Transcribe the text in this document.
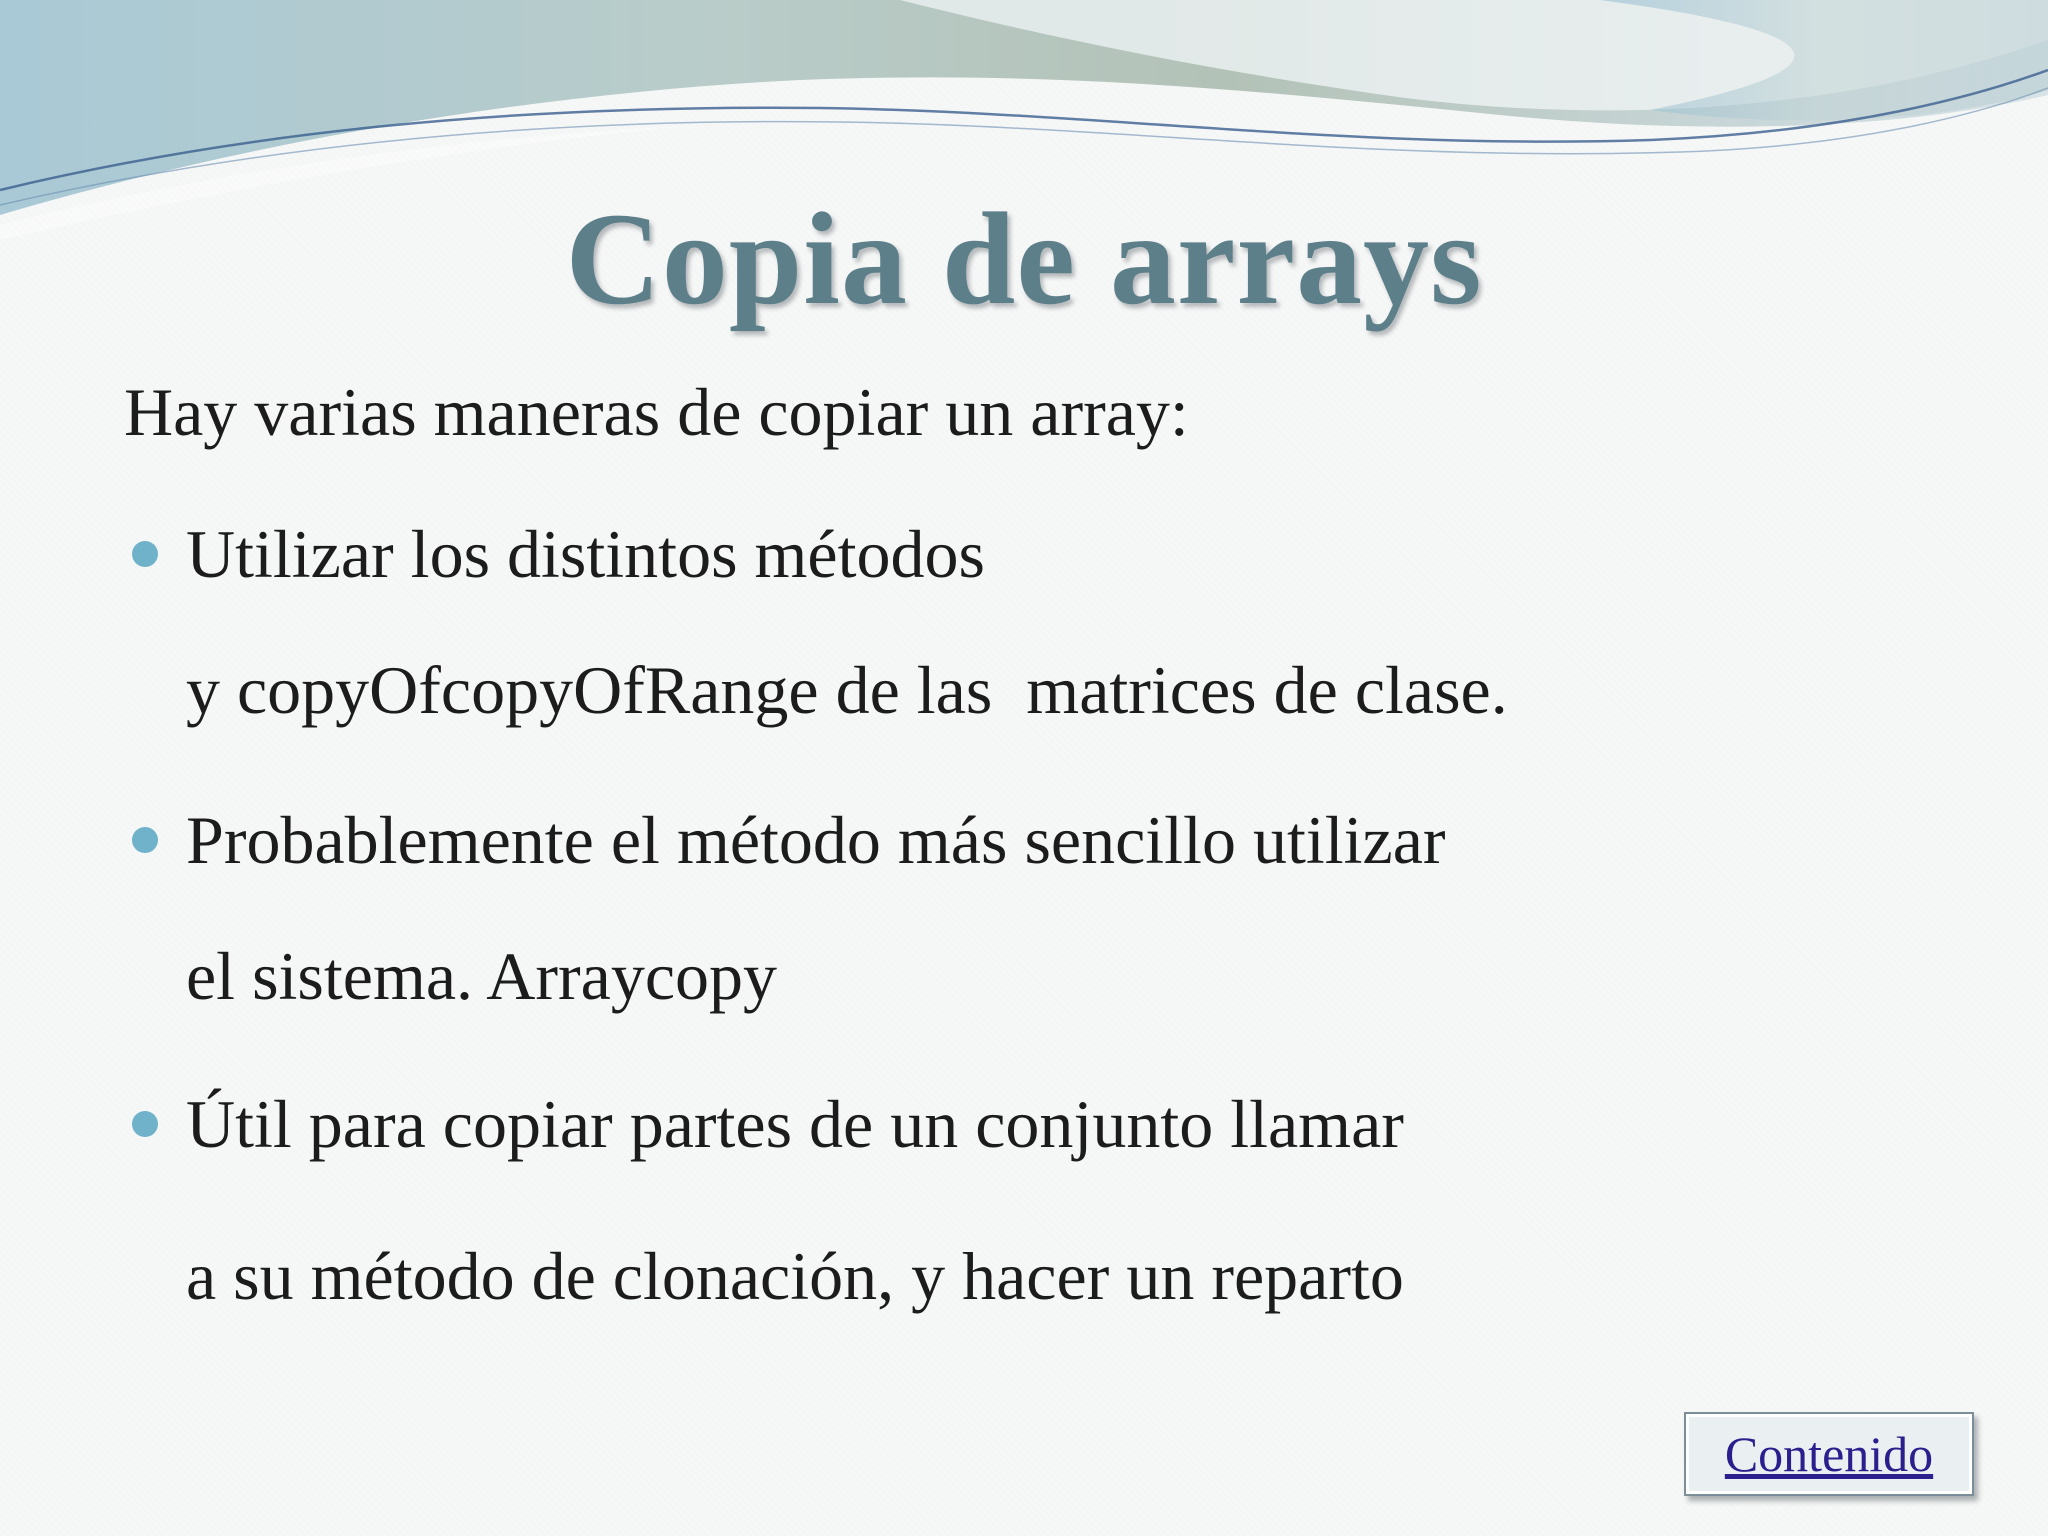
Copia de arrays
Hay varias maneras de copiar un array:
Utilizar los distintos métodos
y copyOfcopyOfRange de las  matrices de clase.
Probablemente el método más sencillo utilizar
el sistema. Arraycopy
Útil para copiar partes de un conjunto llamar
a su método de clonación, y hacer un reparto
Contenido
